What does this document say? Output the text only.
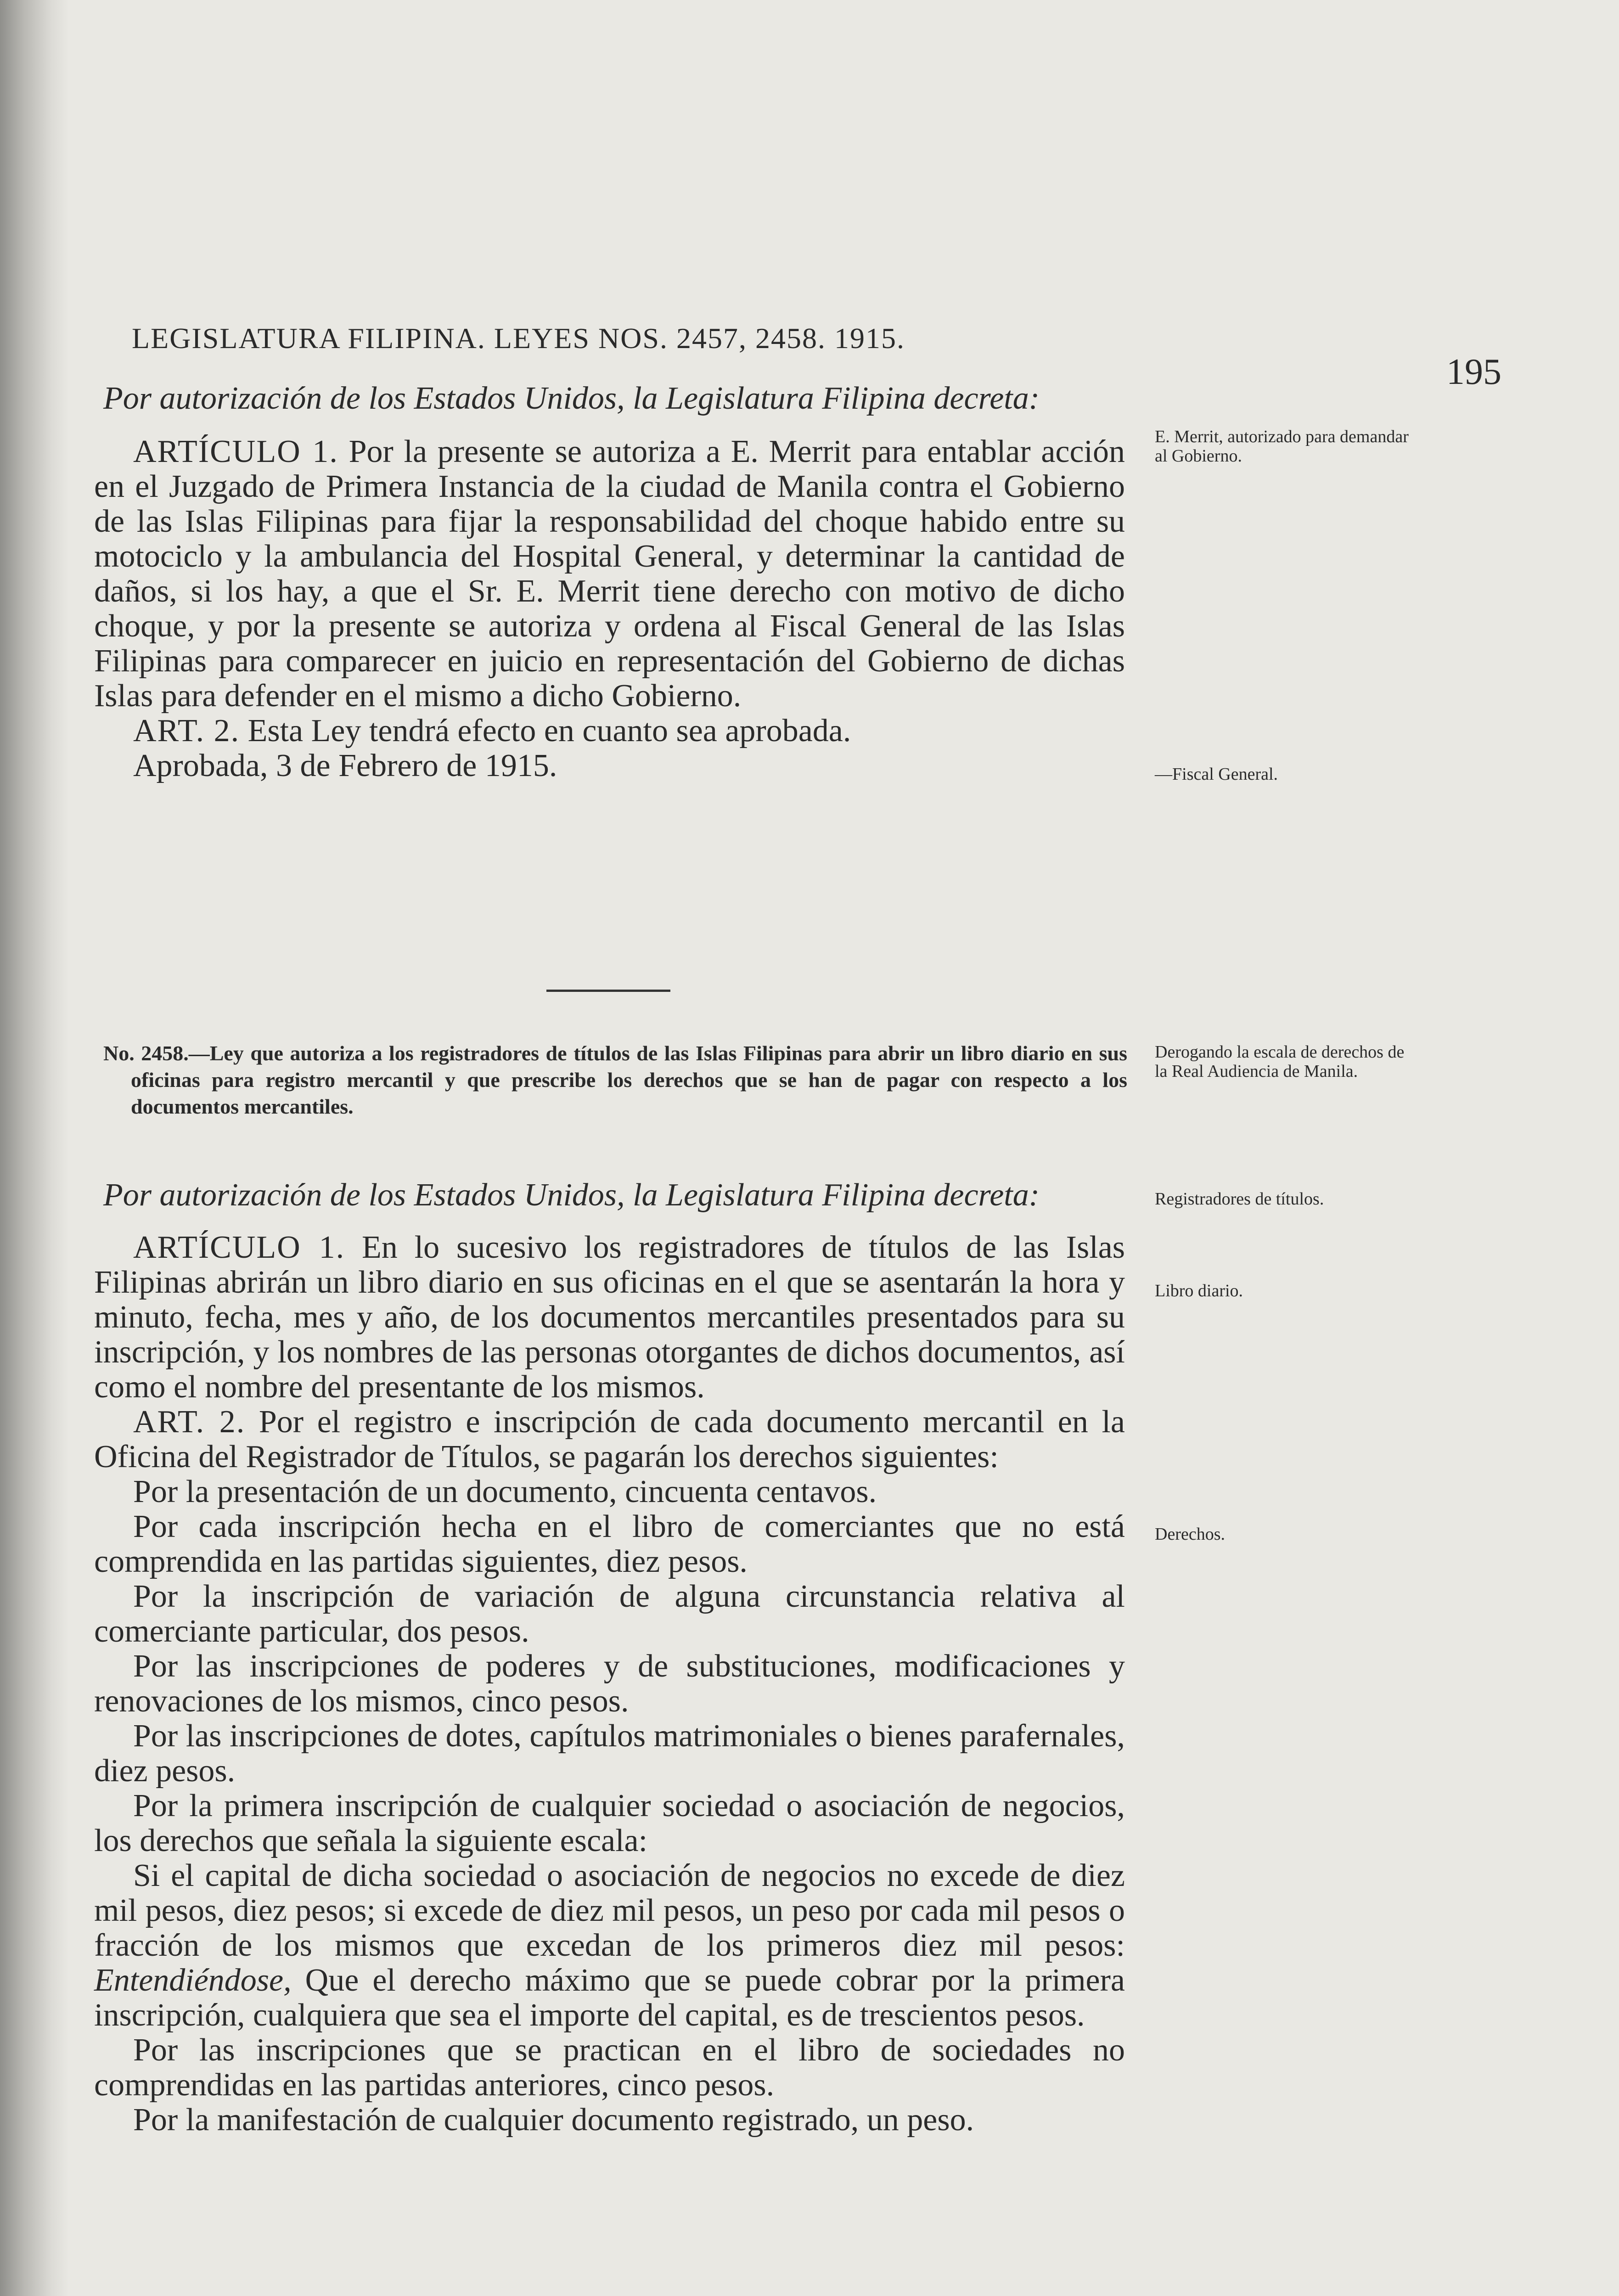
LEGISLATURA FILIPINA. LEYES NOS. 2457, 2458. 1915.
195

Por autorización de los Estados Unidos, la Legislatura Filipina decreta:

ARTÍCULO 1. Por la presente se autoriza a E. Merrit para entablar acción en el Juzgado de Primera Instancia de la ciudad de Manila contra el Gobierno de las Islas Filipinas para fijar la responsabilidad del choque habido entre su motociclo y la ambulancia del Hospital General, y determinar la cantidad de daños, si los hay, a que el Sr. E. Merrit tiene derecho con motivo de dicho choque, y por la presente se autoriza y ordena al Fiscal General de las Islas Filipinas para comparecer en juicio en representación del Gobierno de dichas Islas para defender en el mismo a dicho Gobierno.

ART. 2. Esta Ley tendrá efecto en cuanto sea aprobada.

Aprobada, 3 de Febrero de 1915.

No. 2458.—Ley que autoriza a los registradores de títulos de las Islas Filipinas para abrir un libro diario en sus oficinas para registro mercantil y que prescribe los derechos que se han de pagar con respecto a los documentos mercantiles.

Por autorización de los Estados Unidos, la Legislatura Filipina decreta:

ARTÍCULO 1. En lo sucesivo los registradores de títulos de las Islas Filipinas abrirán un libro diario en sus oficinas en el que se asentarán la hora y minuto, fecha, mes y año, de los documentos mercantiles presentados para su inscripción, y los nombres de las personas otorgantes de dichos documentos, así como el nombre del presentante de los mismos.

ART. 2. Por el registro e inscripción de cada documento mercantil en la Oficina del Registrador de Títulos, se pagarán los derechos siguientes:

Por la presentación de un documento, cincuenta centavos.

Por cada inscripción hecha en el libro de comerciantes que no está comprendida en las partidas siguientes, diez pesos.

Por la inscripción de variación de alguna circunstancia relativa al comerciante particular, dos pesos.

Por las inscripciones de poderes y de substituciones, modificaciones y renovaciones de los mismos, cinco pesos.

Por las inscripciones de dotes, capítulos matrimoniales o bienes parafernales, diez pesos.

Por la primera inscripción de cualquier sociedad o asociación de negocios, los derechos que señala la siguiente escala:

Si el capital de dicha sociedad o asociación de negocios no excede de diez mil pesos, diez pesos; si excede de diez mil pesos, un peso por cada mil pesos o fracción de los mismos que excedan de los primeros diez mil pesos: Entendiéndose, Que el derecho máximo que se puede cobrar por la primera inscripción, cualquiera que sea el importe del capital, es de trescientos pesos.

Por las inscripciones que se practican en el libro de sociedades no comprendidas en las partidas anteriores, cinco pesos.

Por la manifestación de cualquier documento registrado, un peso.

E. Merrit, autorizado para demandar al Gobierno.
—Fiscal General.
Derogando la escala de derechos de la Real Audiencia de Manila.
Registradores de títulos.
Libro diario.
Derechos.
